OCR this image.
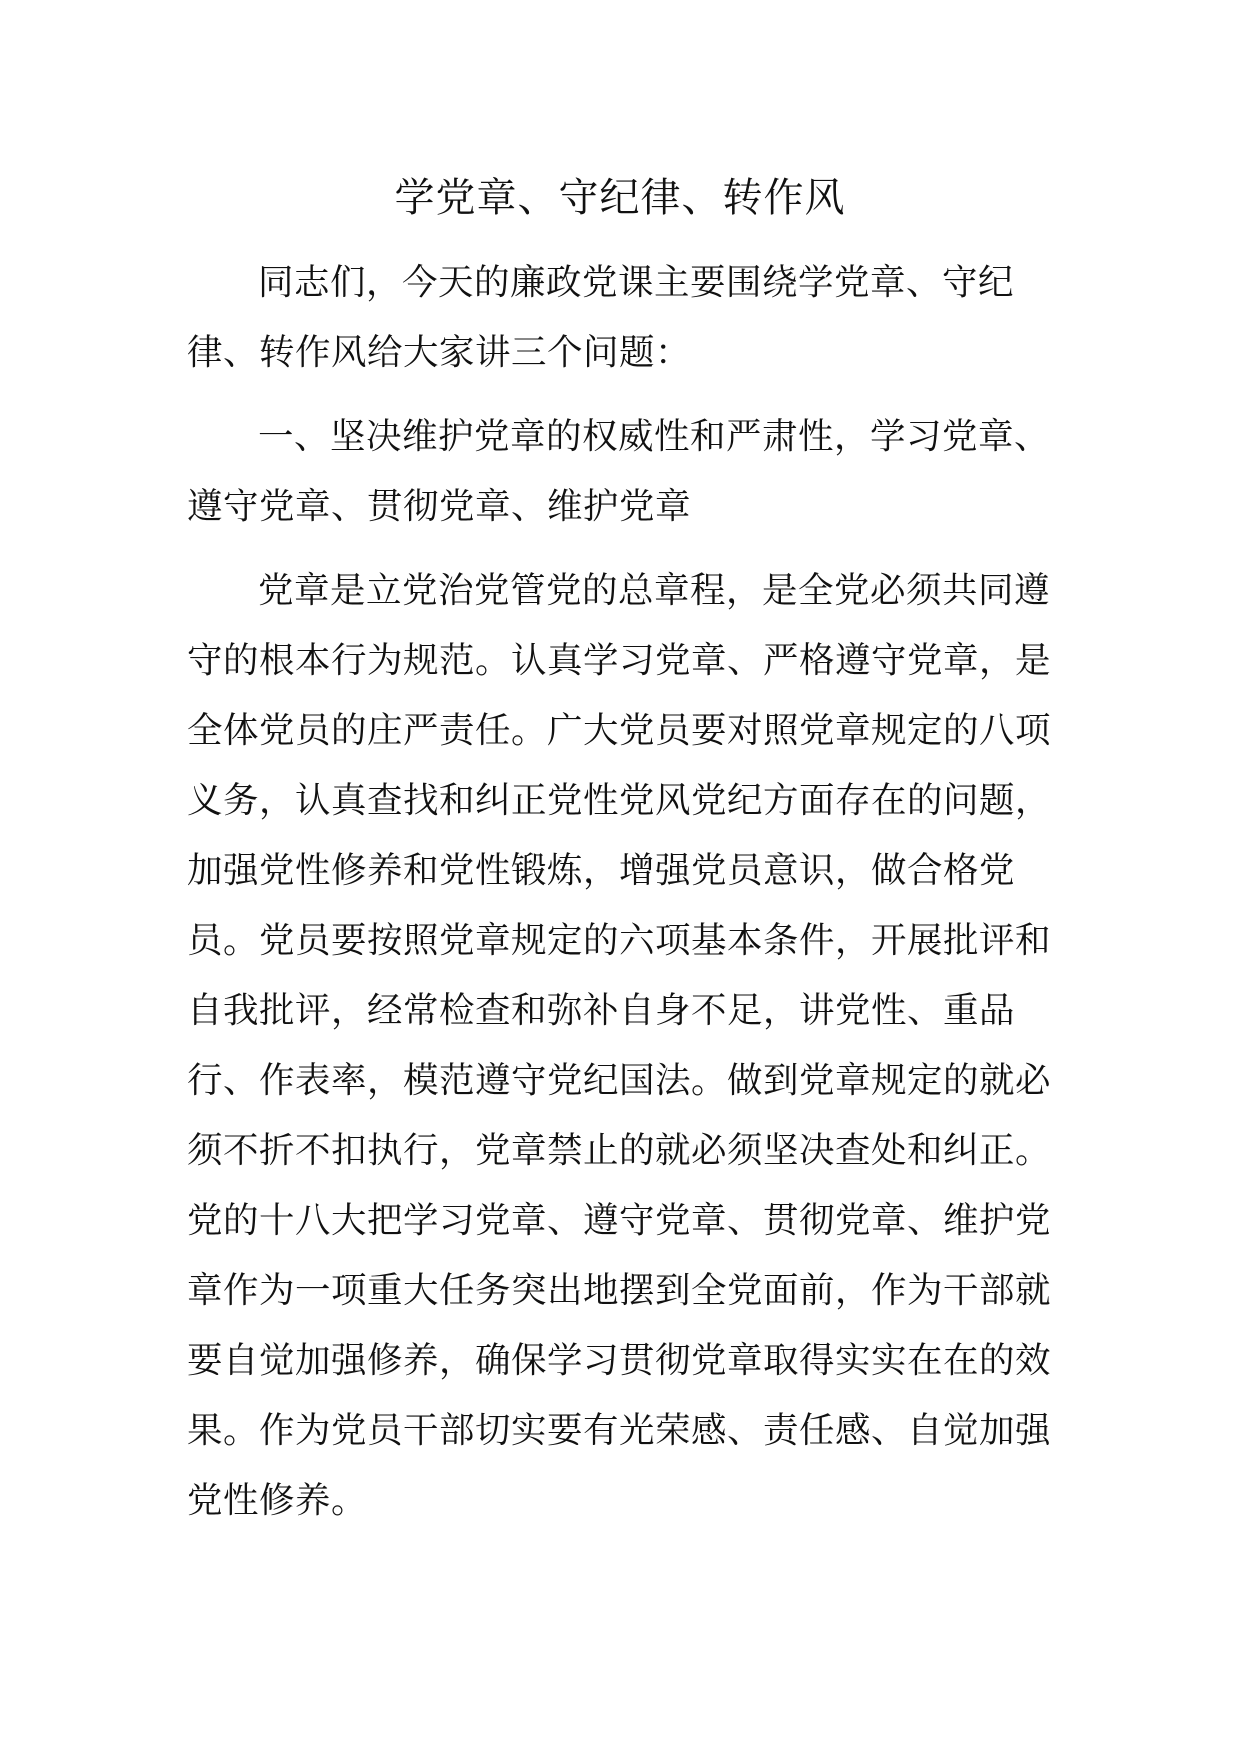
学党章、守纪律、转作风

同志们，今天的廉政党课主要围绕学党章、守纪律、转作风给大家讲三个问题：

一、坚决维护党章的权威性和严肃性，学习党章、遵守党章、贯彻党章、维护党章

党章是立党治党管党的总章程，是全党必须共同遵守的根本行为规范。认真学习党章、严格遵守党章，是全体党员的庄严责任。广大党员要对照党章规定的八项义务，认真查找和纠正党性党风党纪方面存在的问题，加强党性修养和党性锻炼，增强党员意识，做合格党员。党员要按照党章规定的六项基本条件，开展批评和自我批评，经常检查和弥补自身不足，讲党性、重品行、作表率，模范遵守党纪国法。做到党章规定的就必须不折不扣执行，党章禁止的就必须坚决查处和纠正。党的十八大把学习党章、遵守党章、贯彻党章、维护党章作为一项重大任务突出地摆到全党面前，作为干部就要自觉加强修养，确保学习贯彻党章取得实实在在的效果。作为党员干部切实要有光荣感、责任感、自觉加强党性修养。
